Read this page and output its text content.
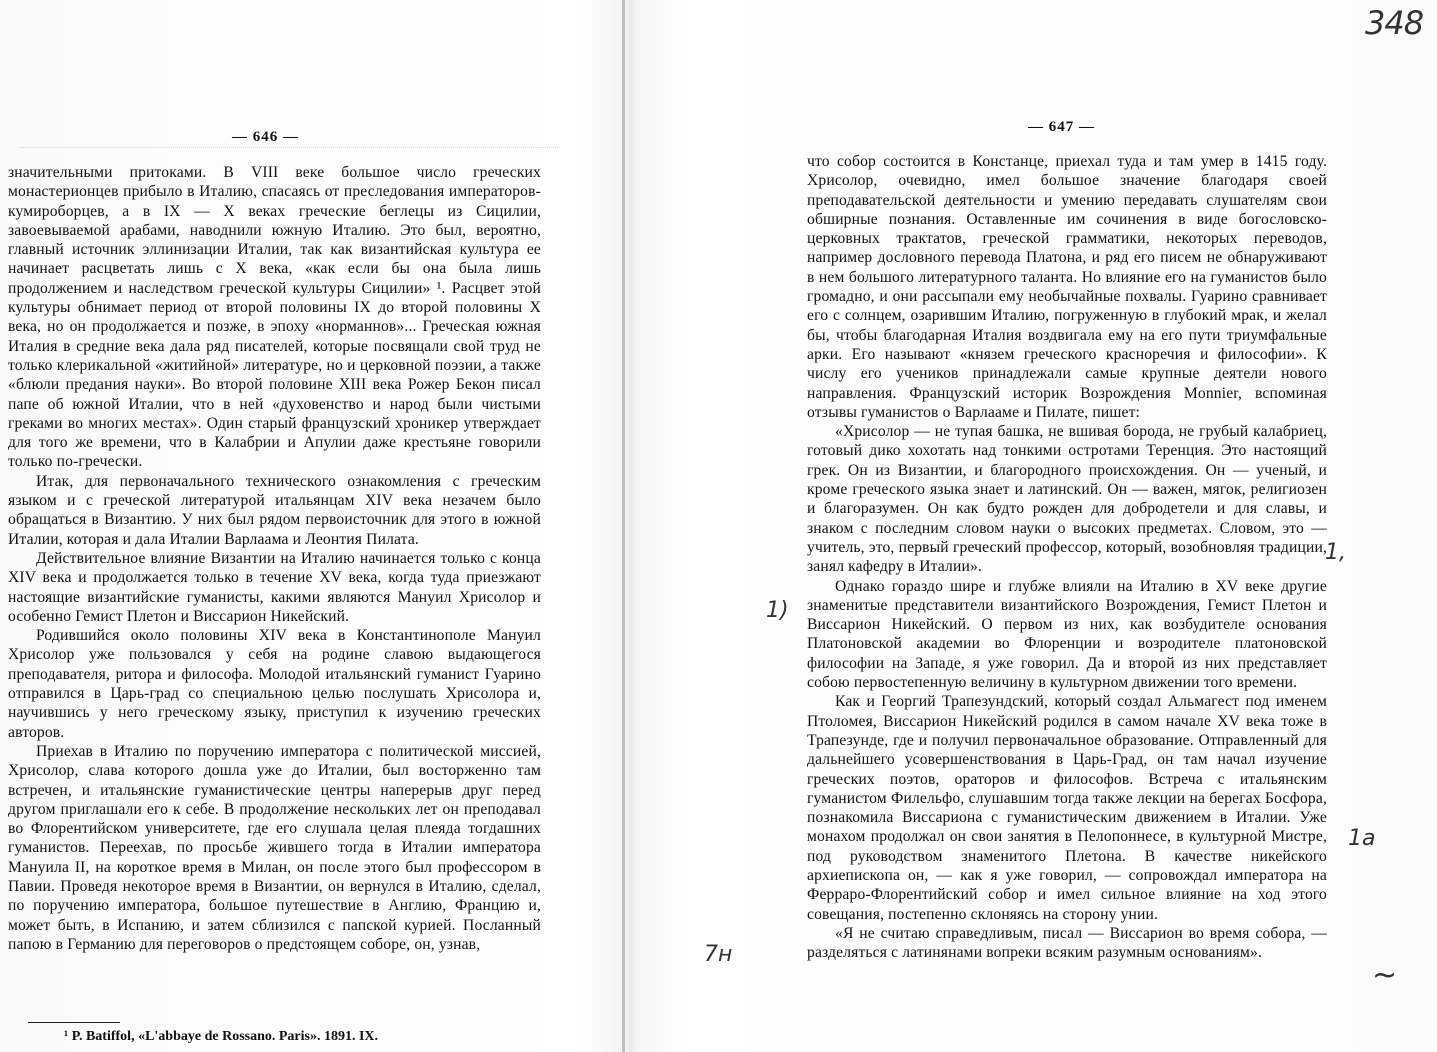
— 646 —

значительными притоками. В VIII веке большое число греческих монастерионцев прибыло в Италию, спасаясь от преследования императоров-кумироборцев, а в IX — X веках греческие беглецы из Сицилии, завоевываемой арабами, наводнили южную Италию. Это был, вероятно, главный источник эллинизации Италии, так как византийская культура ее начинает расцветать лишь с X века, «как если бы она была лишь продолжением и наследством греческой культуры Сицилии» ¹. Расцвет этой культуры обнимает период от второй половины IX до второй половины X века, но он продолжается и позже, в эпоху «норманнов»... Греческая южная Италия в средние века дала ряд писателей, которые посвящали свой труд не только клерикальной «житийной» литературе, но и церковной поэзии, а также «блюли предания науки». Во второй половине XIII века Рожер Бекон писал папе об южной Италии, что в ней «духовенство и народ были чистыми греками во многих местах». Один старый французский хроникер утверждает для того же времени, что в Калабрии и Апулии даже крестьяне говорили только по-гречески.

Итак, для первоначального технического ознакомления с греческим языком и с греческой литературой итальянцам XIV века незачем было обращаться в Византию. У них был рядом первоисточник для этого в южной Италии, которая и дала Италии Варлаама и Леонтия Пилата.

Действительное влияние Византии на Италию начинается только с конца XIV века и продолжается только в течение XV века, когда туда приезжают настоящие византийские гуманисты, какими являются Мануил Хрисолор и особенно Гемист Плетон и Виссарион Никейский.

Родившийся около половины XIV века в Константинополе Мануил Хрисолор уже пользовался у себя на родине славою выдающегося преподавателя, ритора и философа. Молодой итальянский гуманист Гуарино отправился в Царь-град со специальною целью послушать Хрисолора и, научившись у него греческому языку, приступил к изучению греческих авторов.

Приехав в Италию по поручению императора с политической миссией, Хрисолор, слава которого дошла уже до Италии, был восторженно там встречен, и итальянские гуманистические центры наперерыв друг перед другом приглашали его к себе. В продолжение нескольких лет он преподавал во Флорентийском университете, где его слушала целая плеяда тогдашних гуманистов. Переехав, по просьбе жившего тогда в Италии императора Мануила II, на короткое время в Милан, он после этого был профессором в Павии. Проведя некоторое время в Византии, он вернулся в Италию, сделал, по поручению императора, большое путешествие в Англию, Францию и, может быть, в Испанию, и затем сблизился с папской курией. Посланный папою в Германию для переговоров о предстоящем соборе, он, узнав,

¹ P. Batiffol, «L'abbaye de Rossano. Paris». 1891. IX.
— 647 —

что собор состоится в Констанце, приехал туда и там умер в 1415 году. Хрисолор, очевидно, имел большое значение благодаря своей преподавательской деятельности и умению передавать слушателям свои обширные познания. Оставленные им сочинения в виде богословско-церковных трактатов, греческой грамматики, некоторых переводов, например дословного перевода Платона, и ряд его писем не обнаруживают в нем большого литературного таланта. Но влияние его на гуманистов было громадно, и они рассыпали ему необычайные похвалы. Гуарино сравнивает его с солнцем, озарившим Италию, погруженную в глубокий мрак, и желал бы, чтобы благодарная Италия воздвигала ему на его пути триумфальные арки. Его называют «князем греческого красноречия и философии». К числу его учеников принадлежали самые крупные деятели нового направления. Французский историк Возрождения Monnier, вспоминая отзывы гуманистов о Варлааме и Пилате, пишет:

«Хрисолор — не тупая башка, не вшивая борода, не грубый калабриец, готовый дико хохотать над тонкими остротами Теренция. Это настоящий грек. Он из Византии, и благородного происхождения. Он — ученый, и кроме греческого языка знает и латинский. Он — важен, мягок, религиозен и благоразумен. Он как будто рожден для добродетели и для славы, и знаком с последним словом науки о высоких предметах. Словом, это — учитель, это, первый греческий профессор, который, возобновляя традиции, занял кафедру в Италии».

Однако гораздо шире и глубже влияли на Италию в XV веке другие знаменитые представители византийского Возрождения, Гемист Плетон и Виссарион Никейский. О первом из них, как возбудителе основания Платоновской академии во Флоренции и возродителе платоновской философии на Западе, я уже говорил. Да и второй из них представляет собою первостепенную величину в культурном движении того времени.

Как и Георгий Трапезундский, который создал Альмагест под именем Птоломея, Виссарион Никейский родился в самом начале XV века тоже в Трапезунде, где и получил первоначальное образование. Отправленный для дальнейшего усовершенствования в Царь-Град, он там начал изучение греческих поэтов, ораторов и философов. Встреча с итальянским гуманистом Филельфо, слушавшим тогда также лекции на берегах Босфора, познакомила Виссариона с гуманистическим движением в Италии. Уже монахом продолжал он свои занятия в Пелопоннесе, в культурной Мистре, под руководством знаменитого Плетона. В качестве никейского архиепископа он, — как я уже говорил, — сопровождал императора на Ферраро-Флорентийский собор и имел сильное влияние на ход этого совещания, постепенно склоняясь на сторону унии.

«Я не считаю справедливым, писал — Виссарион во время собора, — разделяться с латинянами вопреки всяким разумным основаниям».

348
7н
1а
1,
1)
~
